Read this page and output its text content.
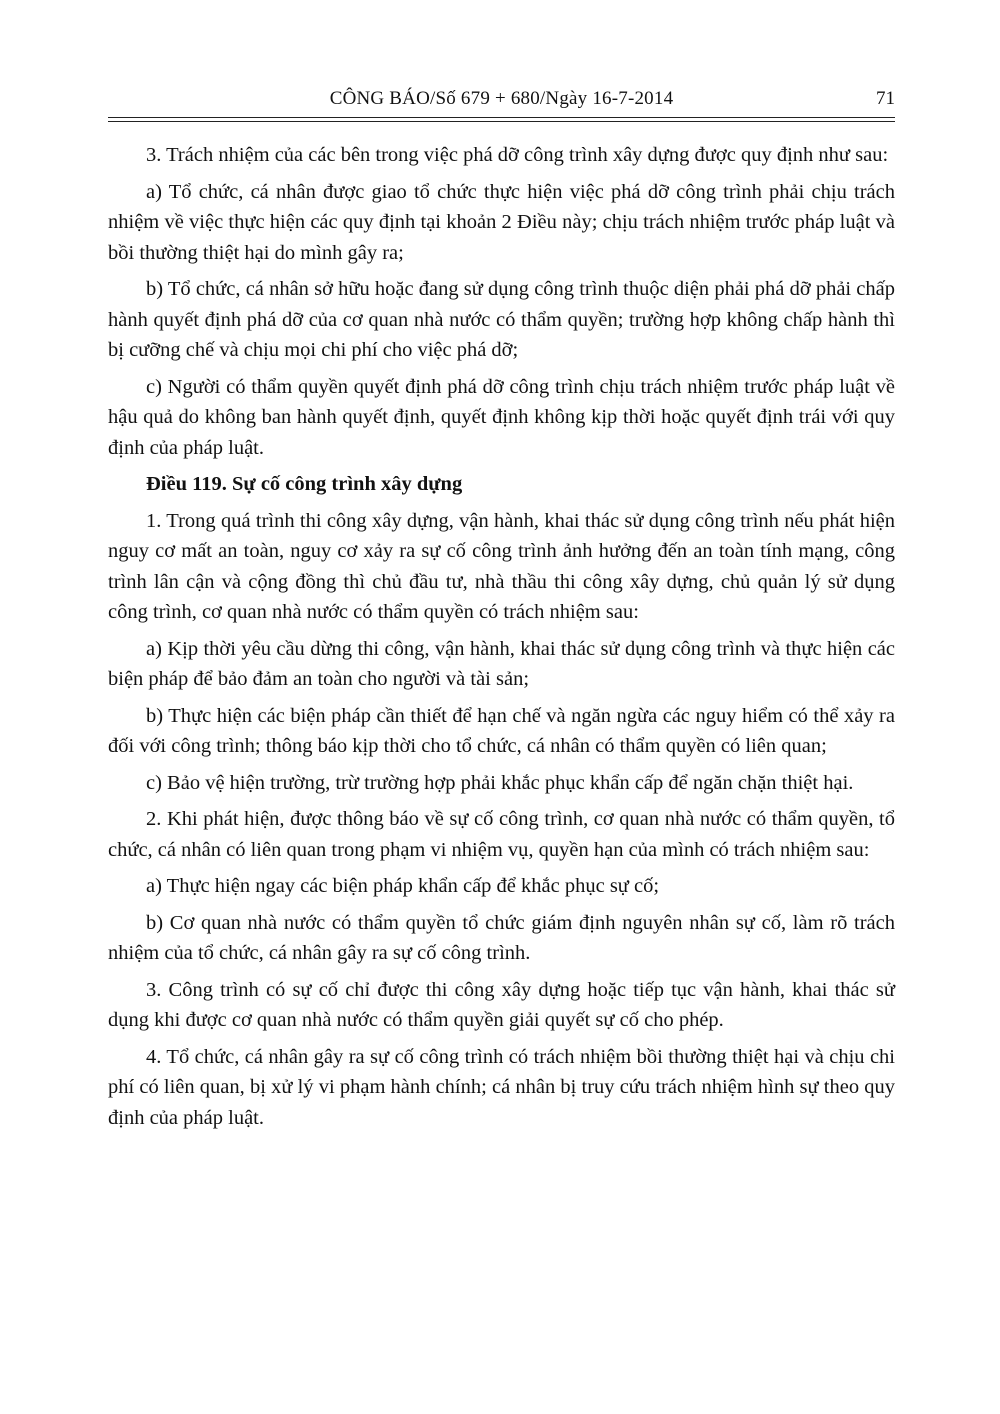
CÔNG BÁO/Số 679 + 680/Ngày 16-7-2014	71

3. Trách nhiệm của các bên trong việc phá dỡ công trình xây dựng được quy định như sau:

a) Tổ chức, cá nhân được giao tổ chức thực hiện việc phá dỡ công trình phải chịu trách nhiệm về việc thực hiện các quy định tại khoản 2 Điều này; chịu trách nhiệm trước pháp luật và bồi thường thiệt hại do mình gây ra;

b) Tổ chức, cá nhân sở hữu hoặc đang sử dụng công trình thuộc diện phải phá dỡ phải chấp hành quyết định phá dỡ của cơ quan nhà nước có thẩm quyền; trường hợp không chấp hành thì bị cưỡng chế và chịu mọi chi phí cho việc phá dỡ;

c) Người có thẩm quyền quyết định phá dỡ công trình chịu trách nhiệm trước pháp luật về hậu quả do không ban hành quyết định, quyết định không kịp thời hoặc quyết định trái với quy định của pháp luật.

Điều 119. Sự cố công trình xây dựng

1. Trong quá trình thi công xây dựng, vận hành, khai thác sử dụng công trình nếu phát hiện nguy cơ mất an toàn, nguy cơ xảy ra sự cố công trình ảnh hưởng đến an toàn tính mạng, công trình lân cận và cộng đồng thì chủ đầu tư, nhà thầu thi công xây dựng, chủ quản lý sử dụng công trình, cơ quan nhà nước có thẩm quyền có trách nhiệm sau:

a) Kịp thời yêu cầu dừng thi công, vận hành, khai thác sử dụng công trình và thực hiện các biện pháp để bảo đảm an toàn cho người và tài sản;

b) Thực hiện các biện pháp cần thiết để hạn chế và ngăn ngừa các nguy hiểm có thể xảy ra đối với công trình; thông báo kịp thời cho tổ chức, cá nhân có thẩm quyền có liên quan;

c) Bảo vệ hiện trường, trừ trường hợp phải khắc phục khẩn cấp để ngăn chặn thiệt hại.

2. Khi phát hiện, được thông báo về sự cố công trình, cơ quan nhà nước có thẩm quyền, tổ chức, cá nhân có liên quan trong phạm vi nhiệm vụ, quyền hạn của mình có trách nhiệm sau:

a) Thực hiện ngay các biện pháp khẩn cấp để khắc phục sự cố;

b) Cơ quan nhà nước có thẩm quyền tổ chức giám định nguyên nhân sự cố, làm rõ trách nhiệm của tổ chức, cá nhân gây ra sự cố công trình.

3. Công trình có sự cố chỉ được thi công xây dựng hoặc tiếp tục vận hành, khai thác sử dụng khi được cơ quan nhà nước có thẩm quyền giải quyết sự cố cho phép.

4. Tổ chức, cá nhân gây ra sự cố công trình có trách nhiệm bồi thường thiệt hại và chịu chi phí có liên quan, bị xử lý vi phạm hành chính; cá nhân bị truy cứu trách nhiệm hình sự theo quy định của pháp luật.
